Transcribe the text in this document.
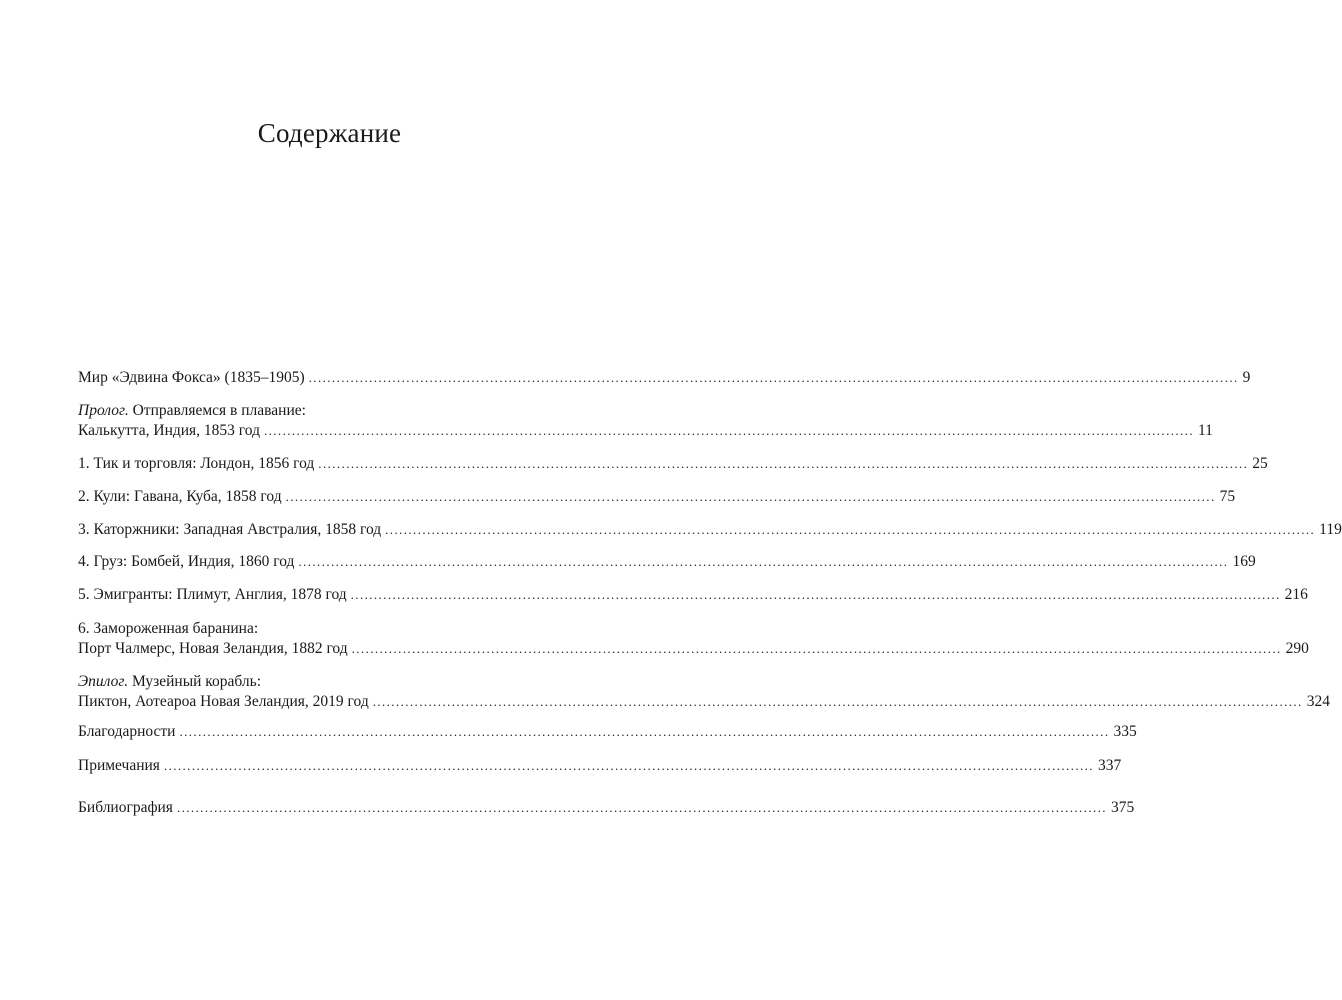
Содержание
Мир «Эдвина Фокса» (1835–1905) ........................................................................................................................................................................................................ 9
Пролог. Отправляемся в плавание:
Калькутта, Индия, 1853 год ........................................................................................................................................................................................................ 11
1. Тик и торговля: Лондон, 1856 год ........................................................................................................................................................................................................ 25
2. Кули: Гавана, Куба, 1858 год ........................................................................................................................................................................................................ 75
3. Каторжники: Западная Австралия, 1858 год ........................................................................................................................................................................................................ 119
4. Груз: Бомбей, Индия, 1860 год ........................................................................................................................................................................................................ 169
5. Эмигранты: Плимут, Англия, 1878 год ........................................................................................................................................................................................................ 216
6. Замороженная баранина:
Порт Чалмерс, Новая Зеландия, 1882 год ........................................................................................................................................................................................................ 290
Эпилог. Музейный корабль:
Пиктон, Аотеароа Новая Зеландия, 2019 год ........................................................................................................................................................................................................ 324
Благодарности ........................................................................................................................................................................................................ 335
Примечания ........................................................................................................................................................................................................ 337
Библиография ........................................................................................................................................................................................................ 375
